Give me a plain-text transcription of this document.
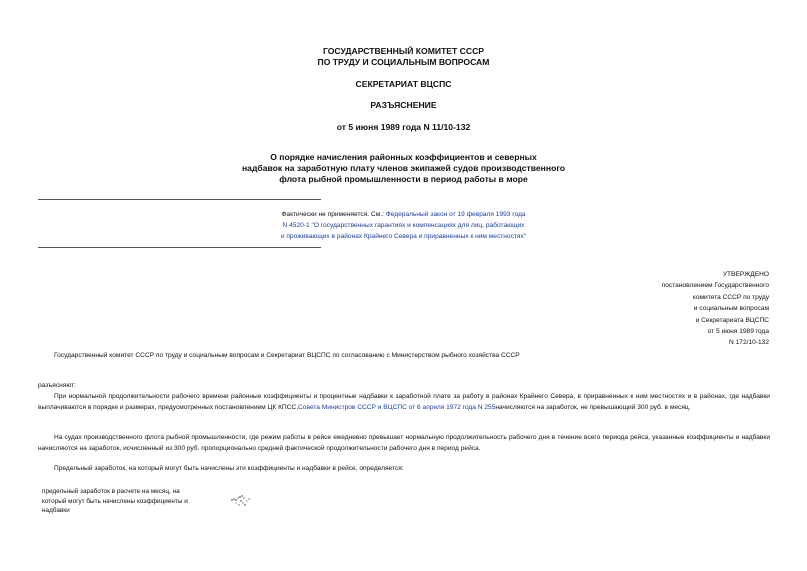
ГОСУДАРСТВЕННЫЙ КОМИТЕТ СССР
ПО ТРУДУ И СОЦИАЛЬНЫМ ВОПРОСАМ
СЕКРЕТАРИАТ ВЦСПС
РАЗЪЯСНЕНИЕ
от 5 июня 1989 года N 11/10-132
О порядке начисления районных коэффициентов и северных
надбавок на заработную плату членов экипажей судов производственного
флота рыбной промышленности в период работы в море
Фактически не применяется. См.: Федеральный закон от 19 февраля 1993 года
N 4520-1 "О государственных гарантиях и компенсациях для лиц, работающих
и проживающих в районах Крайнего Севера и приравненных к ним местностях"
УТВЕРЖДЕНО
постановлением Государственного
комитета СССР по труду
и социальным вопросам
и Секретариата ВЦСПС
от 5 июня 1989 года
N 172/10-132
Государственный комитет СССР по труду и социальным вопросам и Секретариат ВЦСПС по согласованию с Министерством рыбного хозяйства СССР
разъясняют:
При нормальной продолжительности рабочего времени районные коэффициенты и процентные надбавки к заработной плате за работу в районах Крайнего Севера, в приравненных к ним местностях и в районах, где надбавки выплачиваются в порядке и размерах, предусмотренных постановлением ЦК КПСС,Совета Министров СССР и ВЦСПС от 6 апреля 1972 года N 255начисляются на заработок, не превышающий 300 руб. в месяц.
На судах производственного флота рыбной промышленности, где режим работы в рейсе ежедневно превышает нормальную продолжительность рабочего дня в течение всего периода рейса, указанные коэффициенты и надбавки начисляются на заработок, исчисленный из 300 руб. пропорционально средней фактической продолжительности рабочего дня в период рейса.
Предельный заработок, на который могут быть начислены эти коэффициенты и надбавки в рейсе, определяется:
предельный заработок в расчете на месяц, на который могут быть начислены коэффициенты и надбавки
